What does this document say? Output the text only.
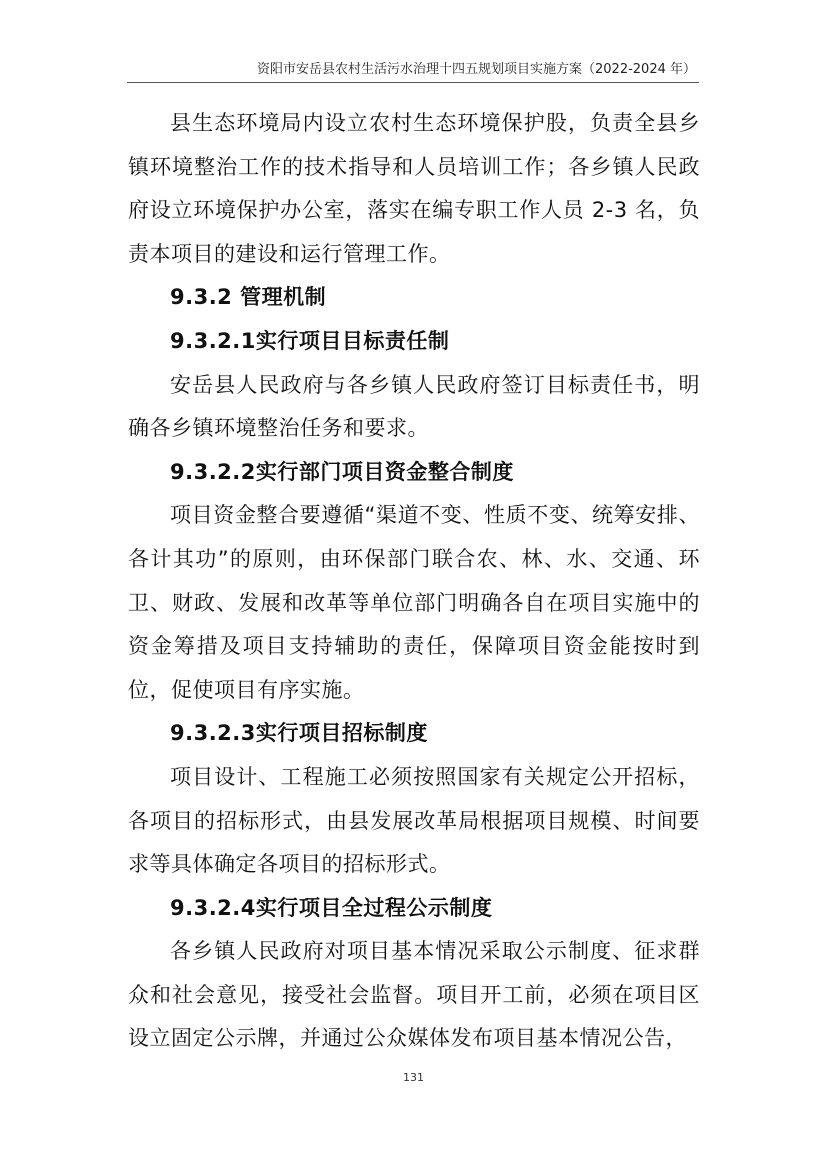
资阳市安岳县农村生活污水治理十四五规划项目实施方案（2022-2024 年）

县生态环境局内设立农村生态环境保护股，负责全县乡镇环境整治工作的技术指导和人员培训工作；各乡镇人民政府设立环境保护办公室，落实在编专职工作人员 2-3 名，负责本项目的建设和运行管理工作。

9.3.2 管理机制

9.3.2.1实行项目目标责任制

安岳县人民政府与各乡镇人民政府签订目标责任书，明确各乡镇环境整治任务和要求。

9.3.2.2实行部门项目资金整合制度

项目资金整合要遵循“渠道不变、性质不变、统筹安排、各计其功”的原则，由环保部门联合农、林、水、交通、环卫、财政、发展和改革等单位部门明确各自在项目实施中的资金筹措及项目支持辅助的责任，保障项目资金能按时到位，促使项目有序实施。

9.3.2.3实行项目招标制度

项目设计、工程施工必须按照国家有关规定公开招标，各项目的招标形式，由县发展改革局根据项目规模、时间要求等具体确定各项目的招标形式。

9.3.2.4实行项目全过程公示制度

各乡镇人民政府对项目基本情况采取公示制度、征求群众和社会意见，接受社会监督。项目开工前，必须在项目区设立固定公示牌，并通过公众媒体发布项目基本情况公告，

131
